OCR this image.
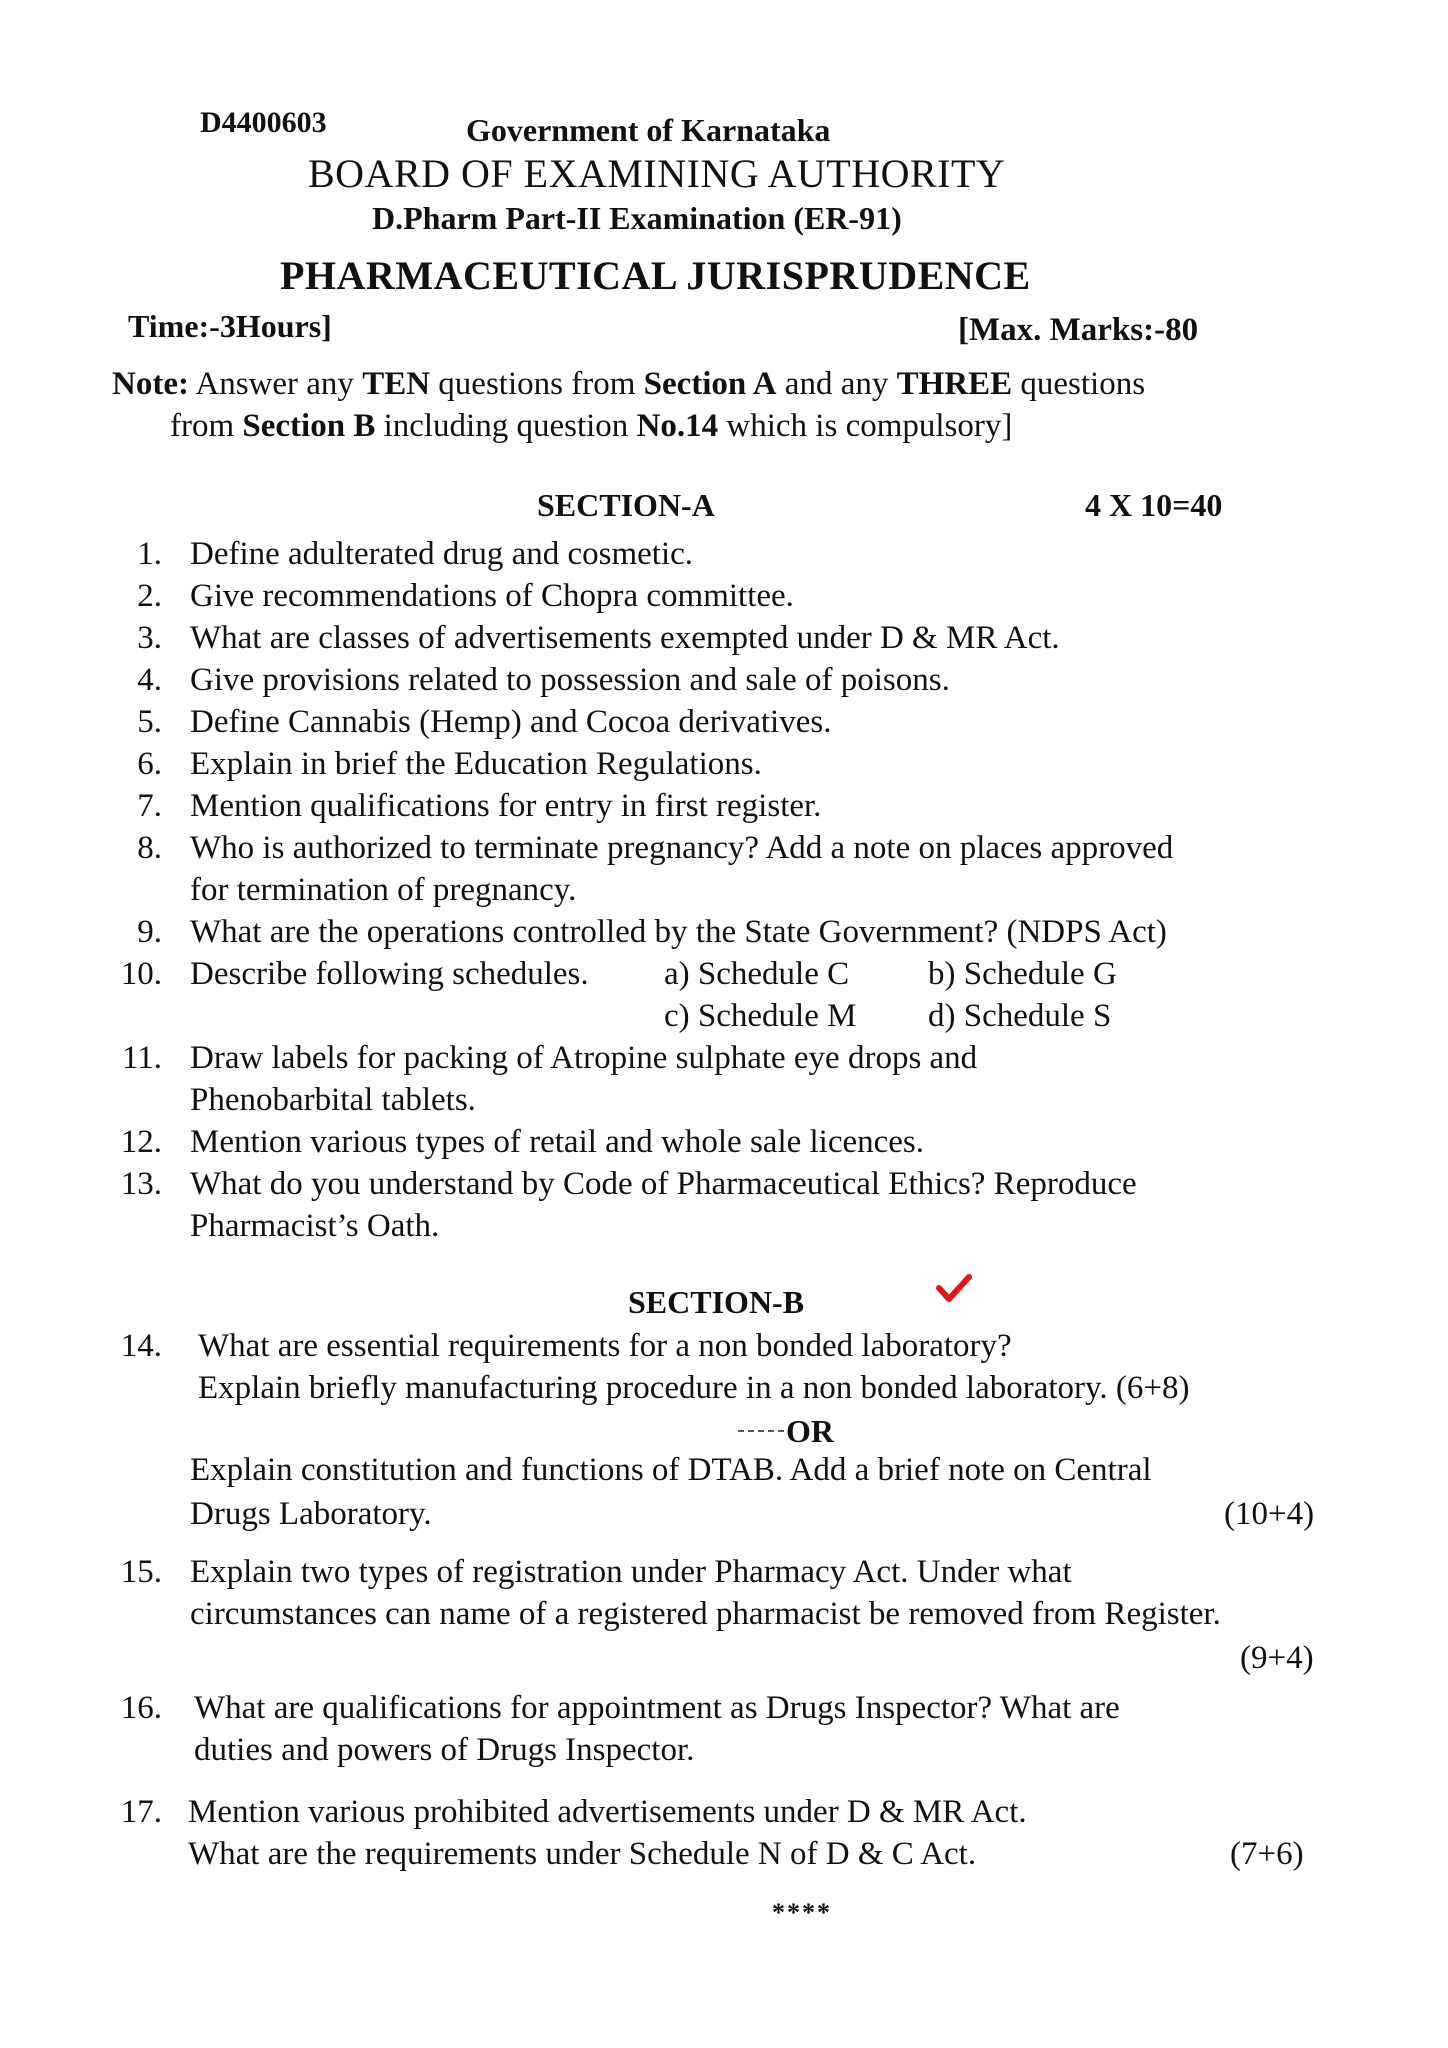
D4400603	Government of Karnataka
BOARD OF EXAMINING AUTHORITY
D.Pharm Part-II Examination (ER-91)
PHARMACEUTICAL JURISPRUDENCE
Time:-3Hours]	[Max. Marks:-80
Note: Answer any TEN questions from Section A and any THREE questions
from Section B including question No.14 which is compulsory]
SECTION-A	4 X 10=40
1. Define adulterated drug and cosmetic.
2. Give recommendations of Chopra committee.
3. What are classes of advertisements exempted under D & MR Act.
4. Give provisions related to possession and sale of poisons.
5. Define Cannabis (Hemp) and Cocoa derivatives.
6. Explain in brief the Education Regulations.
7. Mention qualifications for entry in first register.
8. Who is authorized to terminate pregnancy? Add a note on places approved
for termination of pregnancy.
9. What are the operations controlled by the State Government? (NDPS Act)
10. Describe following schedules. a) Schedule C b) Schedule G
c) Schedule M d) Schedule S
11. Draw labels for packing of Atropine sulphate eye drops and
Phenobarbital tablets.
12. Mention various types of retail and whole sale licences.
13. What do you understand by Code of Pharmaceutical Ethics? Reproduce
Pharmacist’s Oath.
SECTION-B
14. What are essential requirements for a non bonded laboratory?
Explain briefly manufacturing procedure in a non bonded laboratory. (6+8)
OR
Explain constitution and functions of DTAB. Add a brief note on Central
Drugs Laboratory.	(10+4)
15. Explain two types of registration under Pharmacy Act. Under what
circumstances can name of a registered pharmacist be removed from Register.
(9+4)
16. What are qualifications for appointment as Drugs Inspector? What are
duties and powers of Drugs Inspector.
17. Mention various prohibited advertisements under D & MR Act.
What are the requirements under Schedule N of D & C Act.	(7+6)
****
